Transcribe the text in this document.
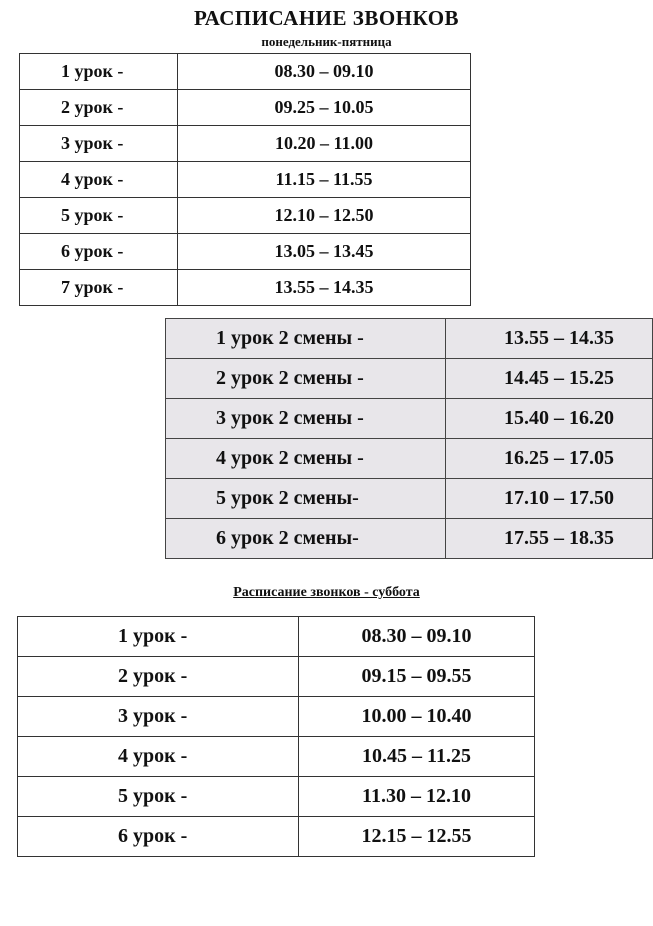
РАСПИСАНИЕ ЗВОНКОВ
понедельник-пятница
1 урок -	08.30 – 09.10
2 урок -	09.25 – 10.05
3 урок -	10.20 – 11.00
4 урок -	11.15 – 11.55
5 урок -	12.10 – 12.50
6 урок -	13.05 – 13.45
7 урок -	13.55 – 14.35
1 урок 2 смены -	13.55 – 14.35
2 урок 2 смены -	14.45 – 15.25
3 урок 2 смены -	15.40 – 16.20
4 урок 2 смены -	16.25 – 17.05
5 урок 2 смены-	17.10 – 17.50
6 урок 2 смены-	17.55 – 18.35
Расписание звонков - суббота
1 урок -	08.30 – 09.10
2 урок -	09.15 – 09.55
3 урок -	10.00 – 10.40
4 урок -	10.45 – 11.25
5 урок -	11.30 – 12.10
6 урок -	12.15 – 12.55
